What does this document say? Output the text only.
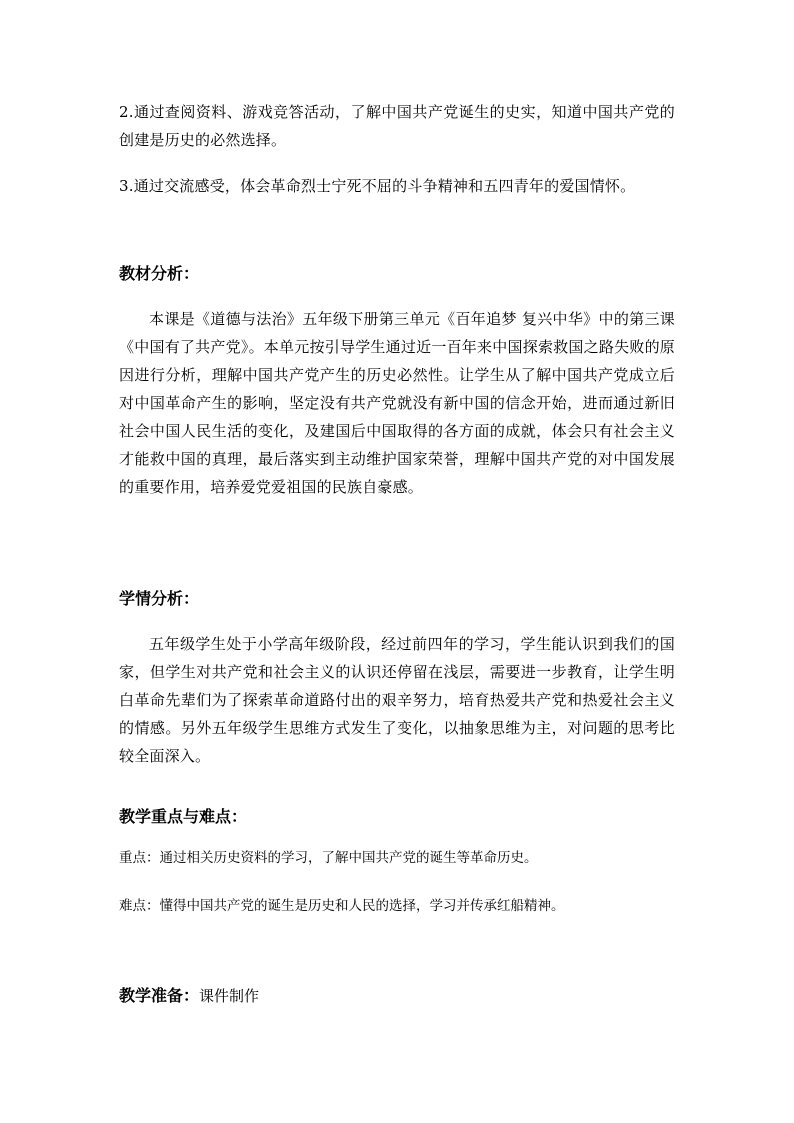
2.通过查阅资料、游戏竞答活动，了解中国共产党诞生的史实，知道中国共产党的创建是历史的必然选择。

3.通过交流感受，体会革命烈士宁死不屈的斗争精神和五四青年的爱国情怀。

教材分析：

本课是《道德与法治》五年级下册第三单元《百年追梦 复兴中华》中的第三课《中国有了共产党》。本单元按引导学生通过近一百年来中国探索救国之路失败的原因进行分析，理解中国共产党产生的历史必然性。让学生从了解中国共产党成立后对中国革命产生的影响，坚定没有共产党就没有新中国的信念开始，进而通过新旧社会中国人民生活的变化，及建国后中国取得的各方面的成就，体会只有社会主义才能救中国的真理，最后落实到主动维护国家荣誉，理解中国共产党的对中国发展的重要作用，培养爱党爱祖国的民族自豪感。

学情分析：

五年级学生处于小学高年级阶段，经过前四年的学习，学生能认识到我们的国家，但学生对共产党和社会主义的认识还停留在浅层，需要进一步教育，让学生明白革命先辈们为了探索革命道路付出的艰辛努力，培育热爱共产党和热爱社会主义的情感。另外五年级学生思维方式发生了变化，以抽象思维为主，对问题的思考比较全面深入。

教学重点与难点：

重点：通过相关历史资料的学习，了解中国共产党的诞生等革命历史。

难点：懂得中国共产党的诞生是历史和人民的选择，学习并传承红船精神。

教学准备：课件制作
